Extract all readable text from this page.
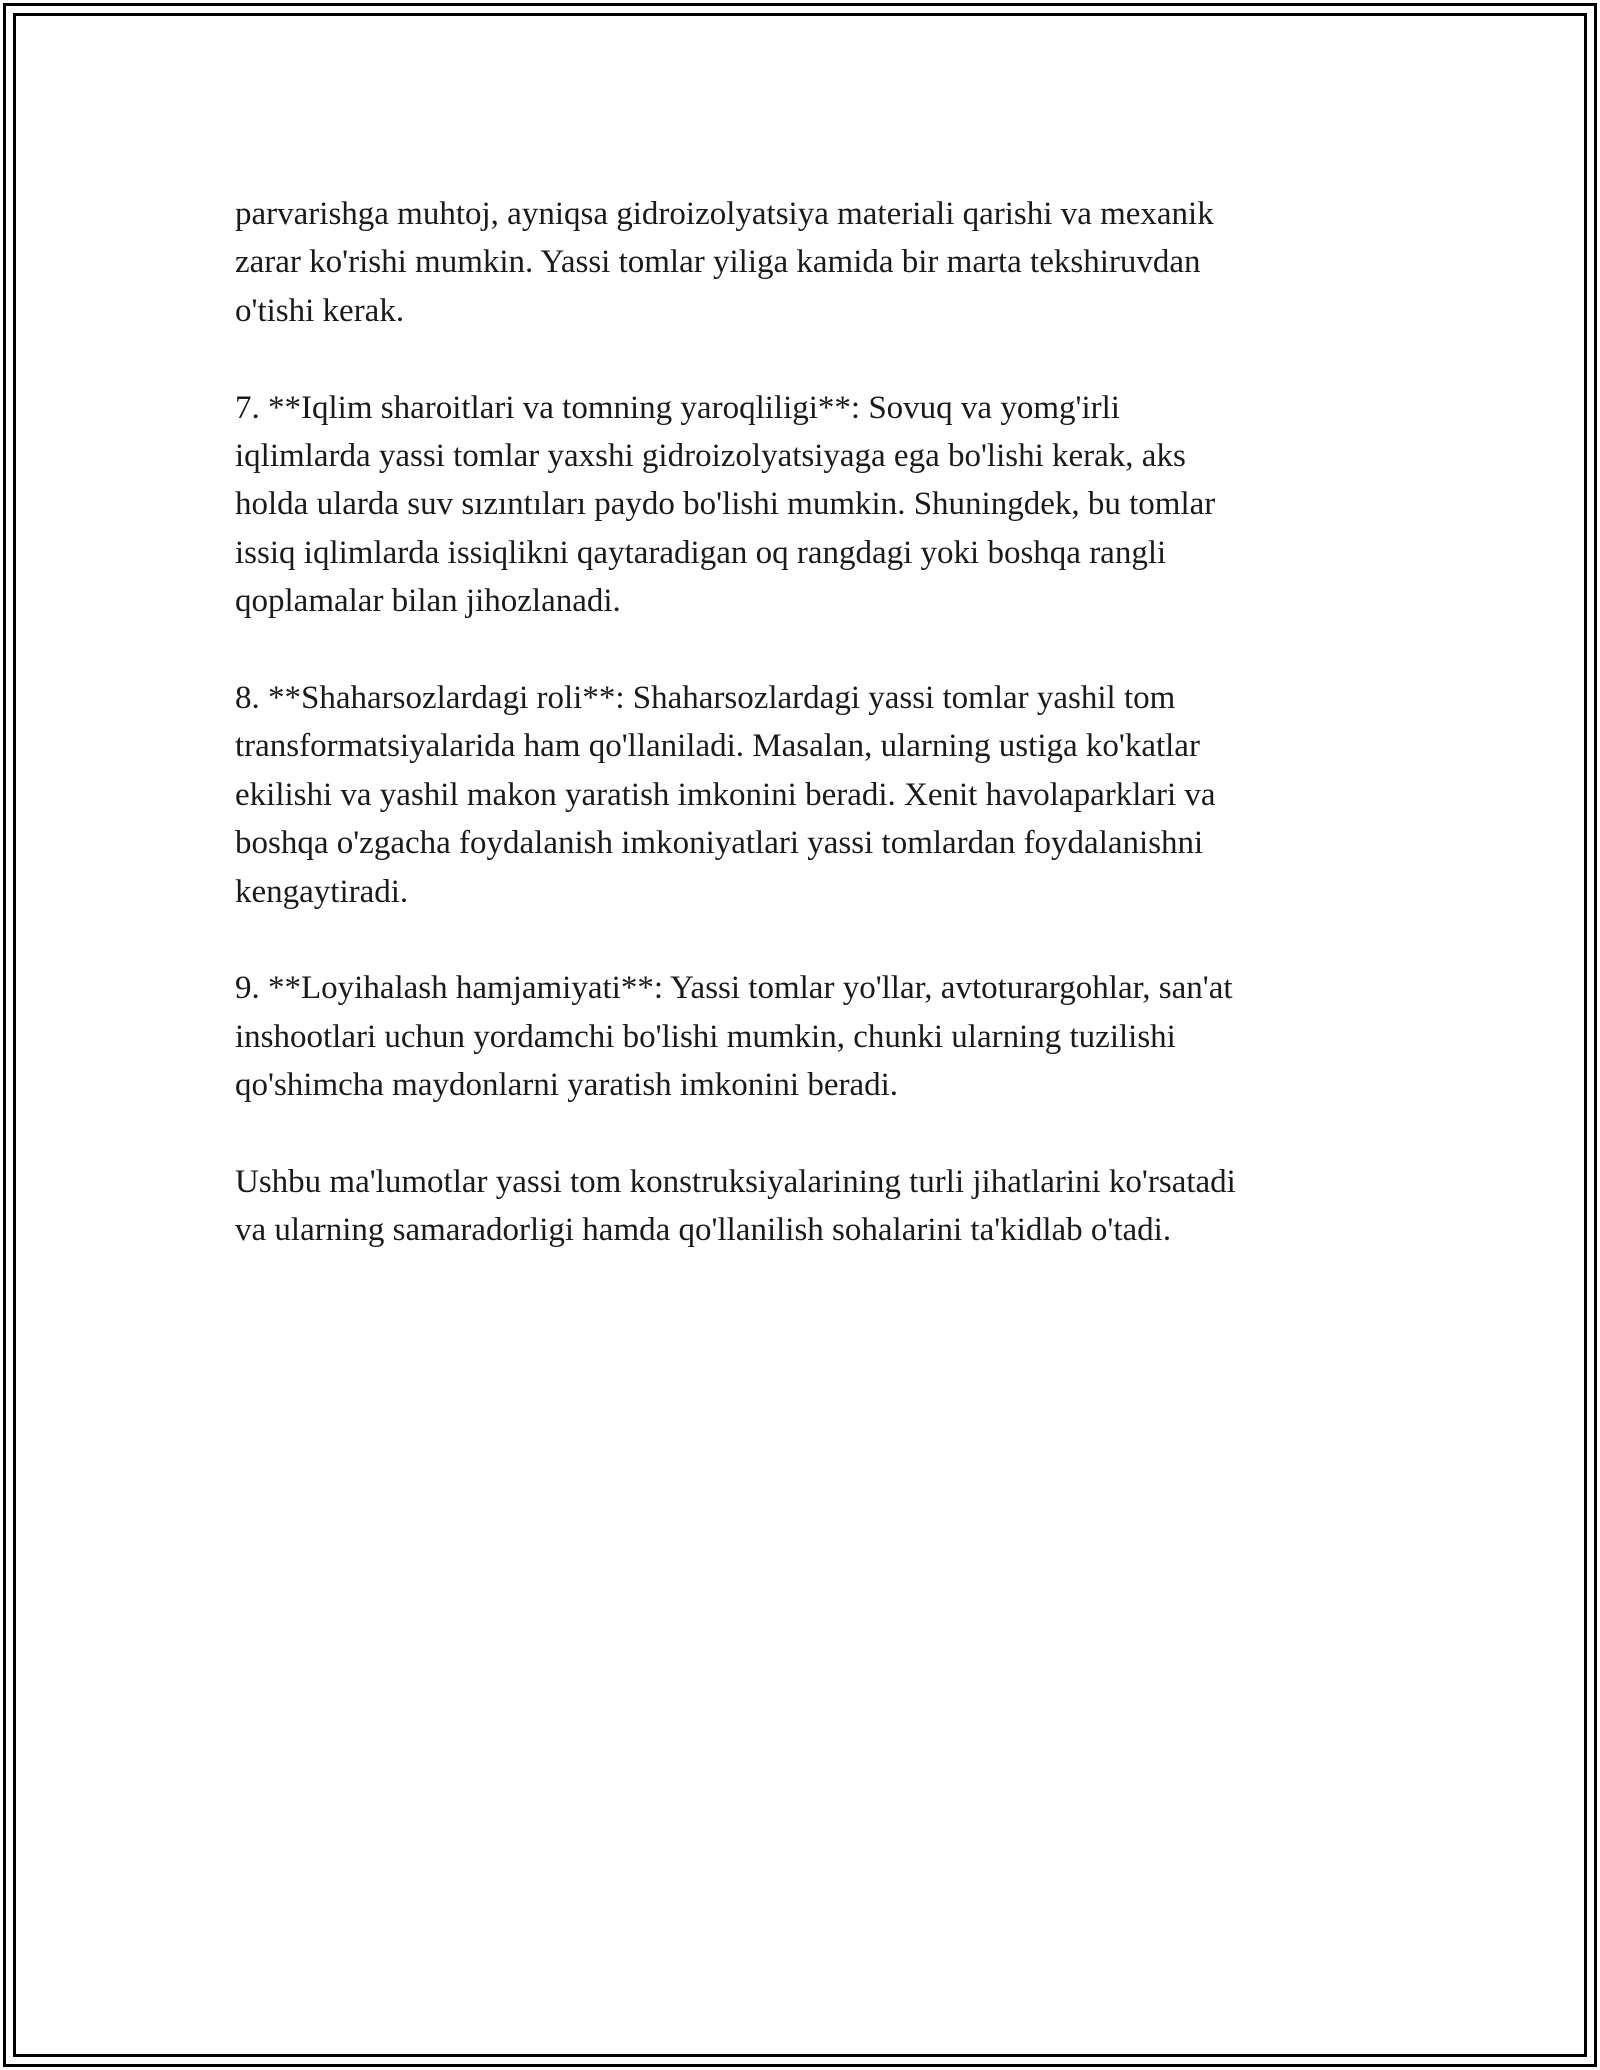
parvarishga muhtoj, ayniqsa gidroizolyatsiya materiali qarishi va mexanik
zarar ko'rishi mumkin. Yassi tomlar yiliga kamida bir marta tekshiruvdan
o'tishi kerak.

7. **Iqlim sharoitlari va tomning yaroqliligi**: Sovuq va yomg'irli
iqlimlarda yassi tomlar yaxshi gidroizolyatsiyaga ega bo'lishi kerak, aks
holda ularda suv sızıntıları paydo bo'lishi mumkin. Shuningdek, bu tomlar
issiq iqlimlarda issiqlikni qaytaradigan oq rangdagi yoki boshqa rangli
qoplamalar bilan jihozlanadi.

8. **Shaharsozlardagi roli**: Shaharsozlardagi yassi tomlar yashil tom
transformatsiyalarida ham qo'llaniladi. Masalan, ularning ustiga ko'katlar
ekilishi va yashil makon yaratish imkonini beradi. Xenit havolaparklari va
boshqa o'zgacha foydalanish imkoniyatlari yassi tomlardan foydalanishni
kengaytiradi.

9. **Loyihalash hamjamiyati**: Yassi tomlar yo'llar, avtoturargohlar, san'at
inshootlari uchun yordamchi bo'lishi mumkin, chunki ularning tuzilishi
qo'shimcha maydonlarni yaratish imkonini beradi.

Ushbu ma'lumotlar yassi tom konstruksiyalarining turli jihatlarini ko'rsatadi
va ularning samaradorligi hamda qo'llanilish sohalarini ta'kidlab o'tadi.
